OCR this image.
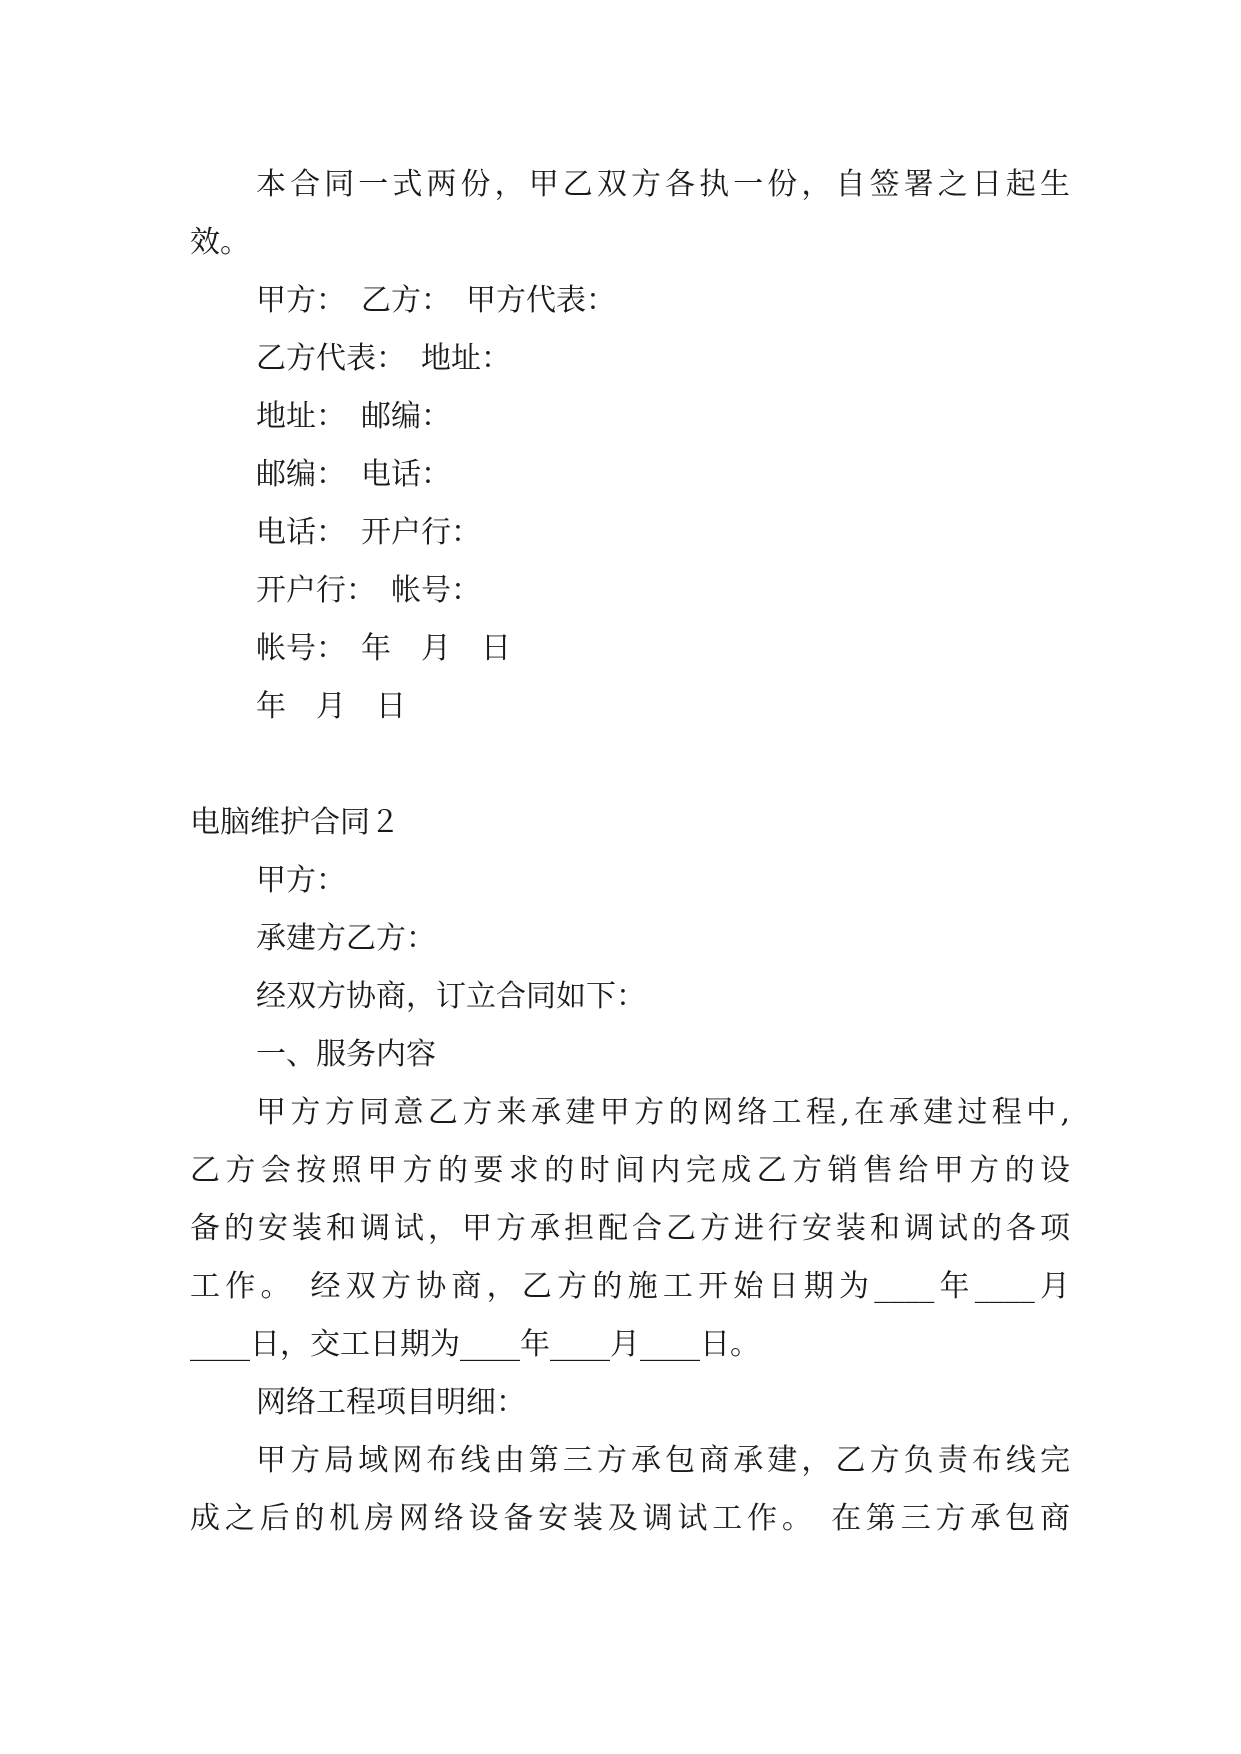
本合同一式两份，甲乙双方各执一份，自签署之日起生
效。
甲方：　乙方：　甲方代表：
乙方代表：　地址：
地址：　邮编：
邮编：　电话：
电话：　开户行：
开户行：　帐号：
帐号：　年　月　日
年　月　日
电脑维护合同２
甲方：
承建方乙方：
经双方协商，订立合同如下：
一、服务内容
甲方方同意乙方来承建甲方的网络工程,在承建过程中,
乙方会按照甲方的要求的时间内完成乙方销售给甲方的设
备的安装和调试，甲方承担配合乙方进行安装和调试的各项
工作。 经双方协商，乙方的施工开始日期为____年____月
____日，交工日期为____年____月____日。
网络工程项目明细：
甲方局域网布线由第三方承包商承建，乙方负责布线完
成之后的机房网络设备安装及调试工作。 在第三方承包商
